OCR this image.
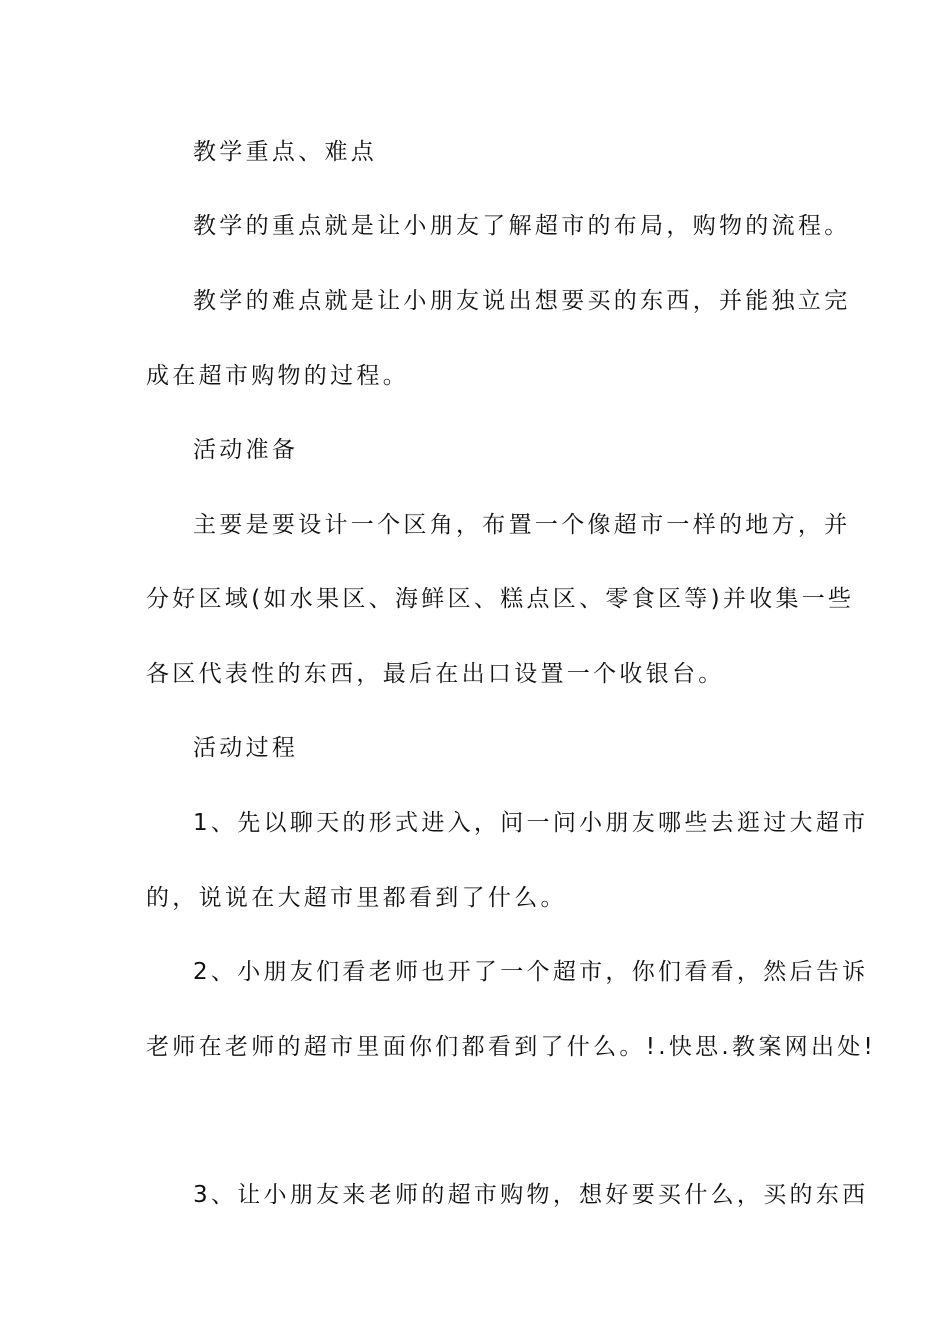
教学重点、难点
教学的重点就是让小朋友了解超市的布局，购物的流程。
教学的难点就是让小朋友说出想要买的东西，并能独立完
成在超市购物的过程。
活动准备
主要是要设计一个区角，布置一个像超市一样的地方，并
分好区域(如水果区、海鲜区、糕点区、零食区等)并收集一些
各区代表性的东西，最后在出口设置一个收银台。
活动过程
1、先以聊天的形式进入，问一问小朋友哪些去逛过大超市
的，说说在大超市里都看到了什么。
2、小朋友们看老师也开了一个超市，你们看看，然后告诉
老师在老师的超市里面你们都看到了什么。!.快思.教案网出处!
3、让小朋友来老师的超市购物，想好要买什么，买的东西
